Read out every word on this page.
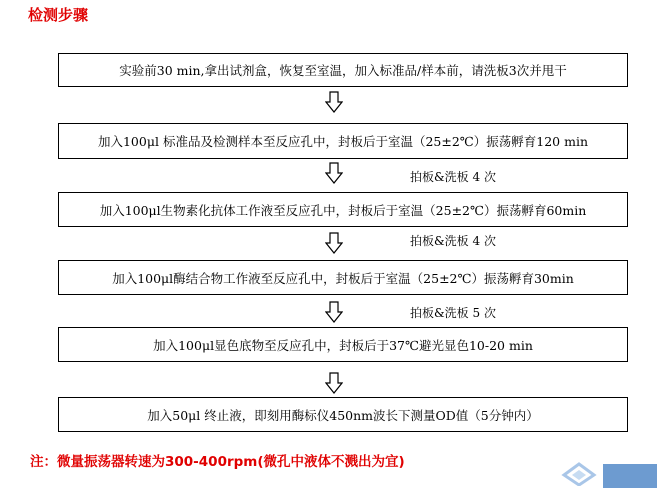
检测步骤
实验前30 min,拿出试剂盒，恢复至室温，加入标准品/样本前，请洗板3次并甩干
加入100μl 标准品及检测样本至反应孔中，封板后于室温（25±2℃）振荡孵育120 min
拍板&洗板 4 次
加入100μl生物素化抗体工作液至反应孔中，封板后于室温（25±2℃）振荡孵育60min
拍板&洗板 4 次
加入100μl酶结合物工作液至反应孔中，封板后于室温（25±2℃）振荡孵育30min
拍板&洗板 5 次
加入100μl显色底物至反应孔中，封板后于37℃避光显色10-20 min
加入50μl 终止液，即刻用酶标仪450nm波长下测量OD值（5分钟内）
注：微量振荡器转速为300-400rpm(微孔中液体不溅出为宜)
